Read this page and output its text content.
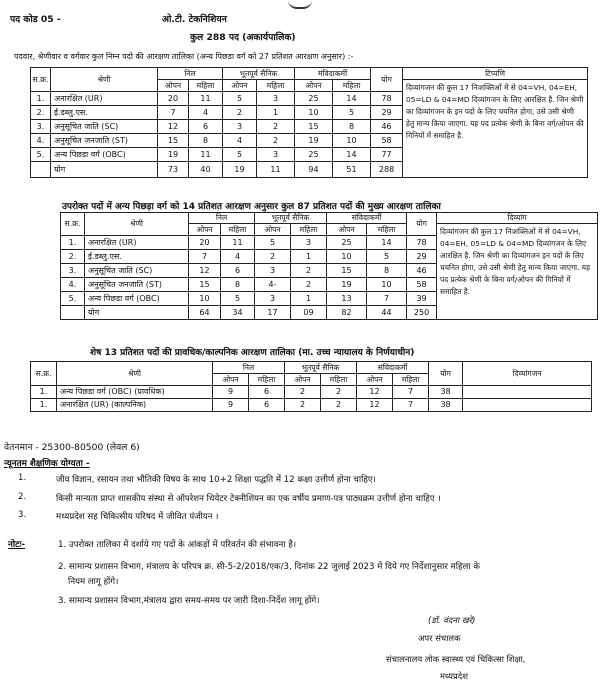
पद कोड 05 -	ओ.टी. टेकनिशियन
कुल 288 पद (अकार्यपालिक)
पदवार, श्रेणीवार व वर्गवार कुल निम्न पदो की आरक्षण तालिका (अन्य पिछडा वर्ग को 27 प्रतिशत आरक्षण अनुसार) :-
स.क्र.	श्रेणी	निल		भूतपूर्व सैनिक		मंविदाकर्मी		योग	टिप्पणि
		ओपन	महिला	ओपन	महिला	ओपन	महिला		दिव्यांगजन की कुल 17 निःशक्तिओं में से 04=VH, 04=EH, 05=LD & 04=MD दिव्यांगजन के लिए आरक्षित है. जिन श्रेणी का दिव्यांगजन के इन पदो के लिए चयनित होगा, उसे उसी श्रेणी हेतु मान्य किया जाएगा. यह पद प्रत्येक श्रेणी के बिना वर्ग/ओपन की गिनियों में समाहित है.
1.	अनारक्षित (UR)	20	11	5	3	25	14	78	
2.	ई.डब्लु.एस.	7	4	2	1	10	5	29	
3.	अनुसूचित जाति (SC)	12	6	3	2	15	8	46	
4.	अनुसूचित जनजाति (ST)	15	8	4	2	19	10	58	
5.	अन्य पिछडा वर्ग (OBC)	19	11	5	3	25	14	77	
	योग	73	40	19	11	94	51	288	
उपरोक्त पदों में अन्य पिछड़ा वर्ग को 14 प्रतिशत आरक्षण अनुसार कुल 87 प्रतिशत पदों की मुख्य आरक्षण तालिका
स.क्र.	श्रेणी	निल		भूतपूर्व सैनिक		संविदाकर्मी		योग	दिव्यांग
		ओपन	महिला	ओपन	महिला	ओपन	महिला		दिव्यांगजन की कुल 17 निःशक्तिओं में से 04=VH, 04=EH, 05=LD & 04=MD दिव्यांगजन के लिए आरक्षित है. जिन श्रेणी का दिव्यांगजन इन पदों के लिए चयनित होगा, उसे उसी श्रेणी हेतु मान्य किया जाएगा. यह पद प्रत्येक श्रेणी के बिना वर्ग/ओपन की गिनियों में समाहित है.
1.	अनारक्षित (UR)	20	11	5	3	25	14	78	
2.	ई.डब्लु.एस.	7	4	2	1	10	5	29	
3.	अनुसूचित जाति (SC)	12	6	3	2	15	8	46	
4.	अनुसूचित जनजाति (ST)	15	8	4-	2	19	10	58	
5.	अन्य पिछडा वर्ग (OBC)	10	5	3	1	13	7	39	
	योग	64	34	17	09	82	44	250	
शेष 13 प्रतिशत पदों की प्रावधिक/काल्पनिक आरक्षण तालिका (मा. उच्च न्यायालय के निर्णयाधीन)
स.क्र.	श्रेणी	निल		भूतपूर्व सैनिक		संविदाकर्मी		योग	दिव्यांगजन
		ओपन	महिला	ओपन	महिला	ओपन	महिला		
1.	अन्य पिछडा वर्ग (OBC) (प्रावधिक)	9	6	2	2	12	7	38	
1.	अनारक्षित (UR) (काल्पनिक)	9	6	2	2	12	7	38	
वेतनमान - 25300-80500 (लेवल 6)
न्यूनतम शैक्षणिक योग्यता -
1.	जीव विज्ञान, रसायन तथा भौतिकी विषय के साथ 10+2 शिक्षा पद्धति में 12 कक्षा उत्तीर्ण होना चाहिए।
2.	किसी मान्यता प्राप्त शासकीय संस्था से ऑपरेशन थियेटर टेक्नीशियन का एक वर्षीय प्रमाण-पत्र पाठ्यक्रम उत्तीर्ण होना चाहिए ।
3.	मध्यप्रदेश सह चिकित्सीय परिषद में जीवित पंजीयन ।
नोटः-	1. उपरोक्त तालिका में दर्शाये गए पदों के आंकड़ों में परिवर्तन की संभावना है।
2. सामान्य प्रशासन विभाग, मंत्रालय के परिपत्र क्र. सी-5-2/2018/एक/3, दिनांक 22 जुलाई 2023 में दिये गए निर्देशानुसार महिला के
नियम लागू होंगे।
3. सामान्य प्रशासन विभाग,मंत्रालय द्वारा समय-समय पर जारी दिशा-निर्देश लागू होंगे।
(डॉ. वंदना खरे)
अपर संचालक
संचालनालय लोक स्वास्थ्य एवं चिकित्सा शिक्षा,
मध्यप्रदेश
